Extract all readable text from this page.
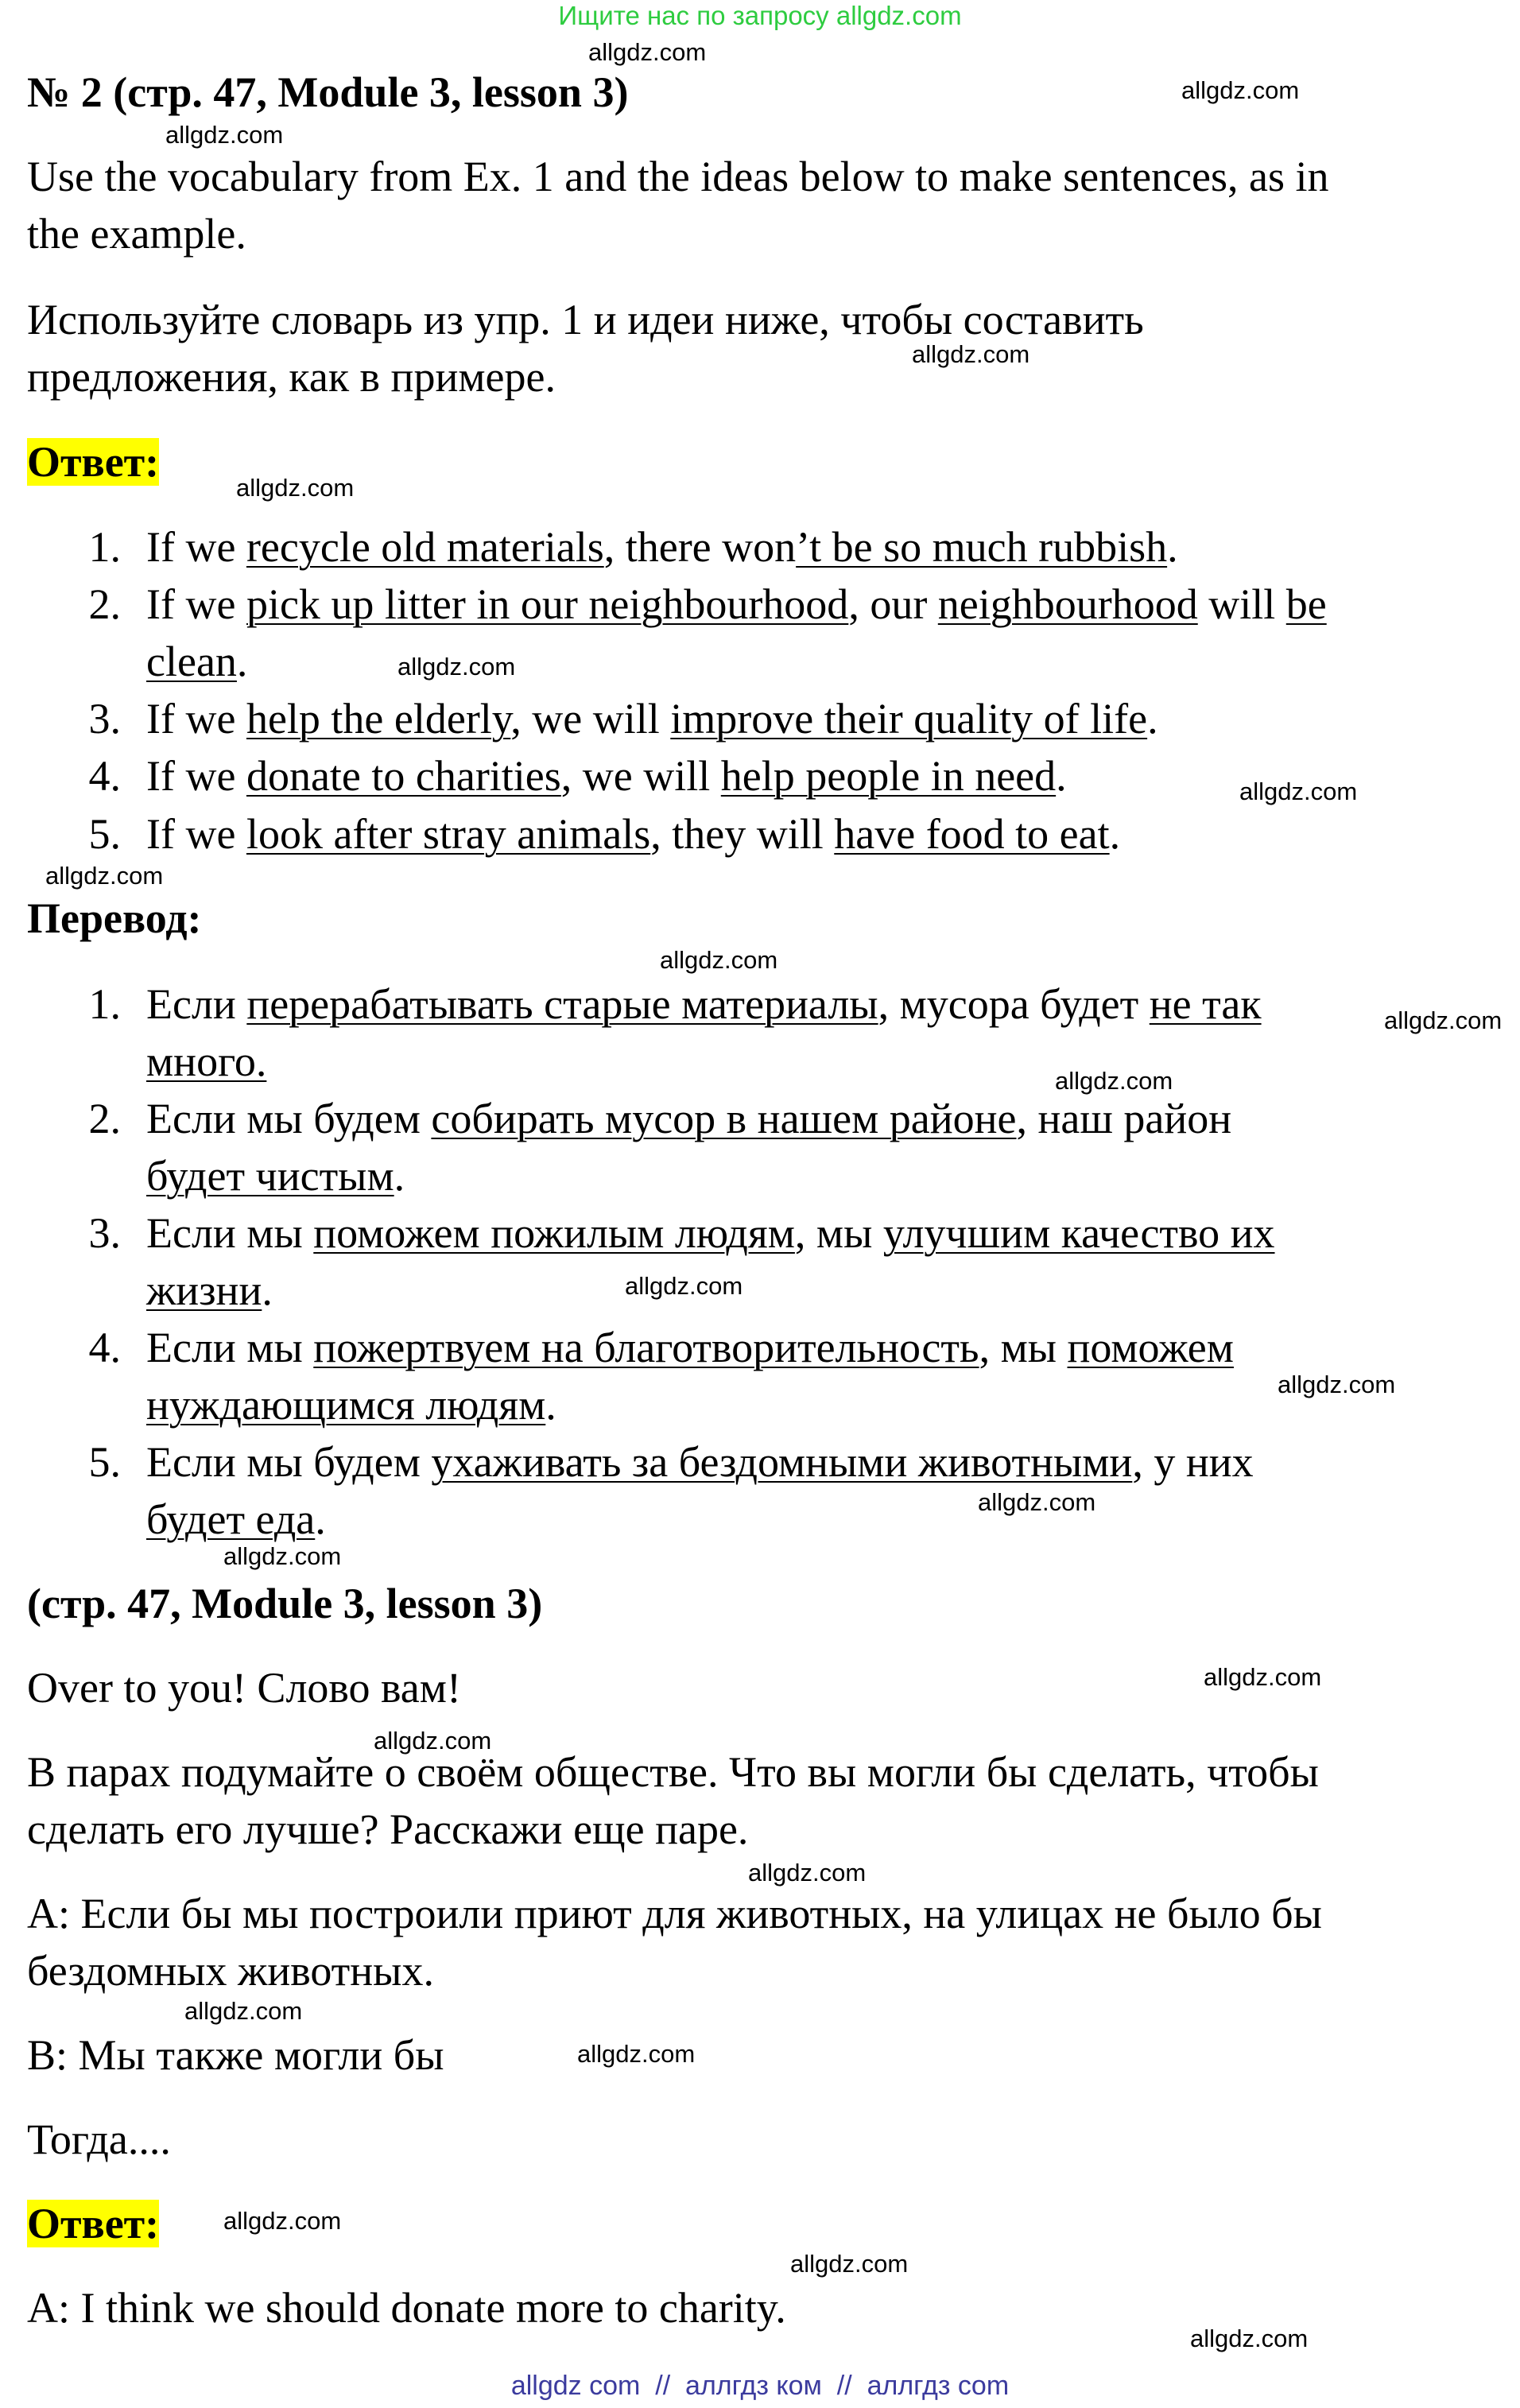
Ищите нас по запросу allgdz.com
№ 2 (стр. 47, Module 3, lesson 3)
Use the vocabulary from Ex. 1 and the ideas below to make sentences, as in
the example.
Используйте словарь из упр. 1 и идеи ниже, чтобы составить
предложения, как в примере.
Ответ:
1. If we recycle old materials, there won’t be so much rubbish.
2. If we pick up litter in our neighbourhood, our neighbourhood will be
clean.
3. If we help the elderly, we will improve their quality of life.
4. If we donate to charities, we will help people in need.
5. If we look after stray animals, they will have food to eat.
Перевод:
1. Если перерабатывать старые материалы, мусора будет не так
много.
2. Если мы будем собирать мусор в нашем районе, наш район
будет чистым.
3. Если мы поможем пожилым людям, мы улучшим качество их
жизни.
4. Если мы пожертвуем на благотворительность, мы поможем
нуждающимся людям.
5. Если мы будем ухаживать за бездомными животными, у них
будет еда.
(стр. 47, Module 3, lesson 3)
Over to you! Слово вам!
В парах подумайте о своём обществе. Что вы могли бы сделать, чтобы
сделать его лучше? Расскажи еще паре.
А: Если бы мы построили приют для животных, на улицах не было бы
бездомных животных.
В: Мы также могли бы
Тогда....
Ответ:
A: I think we should donate more to charity.
allgdz.com
allgdz.com
allgdz.com
allgdz.com
allgdz.com
allgdz.com
allgdz.com
allgdz.com
allgdz.com
allgdz.com
allgdz.com
allgdz.com
allgdz.com
allgdz.com
allgdz.com
allgdz.com
allgdz.com
allgdz.com
allgdz.com
allgdz.com
allgdz.com
allgdz.com
allgdz.com
allgdz com  //  аллгдз ком  //  аллгдз com
